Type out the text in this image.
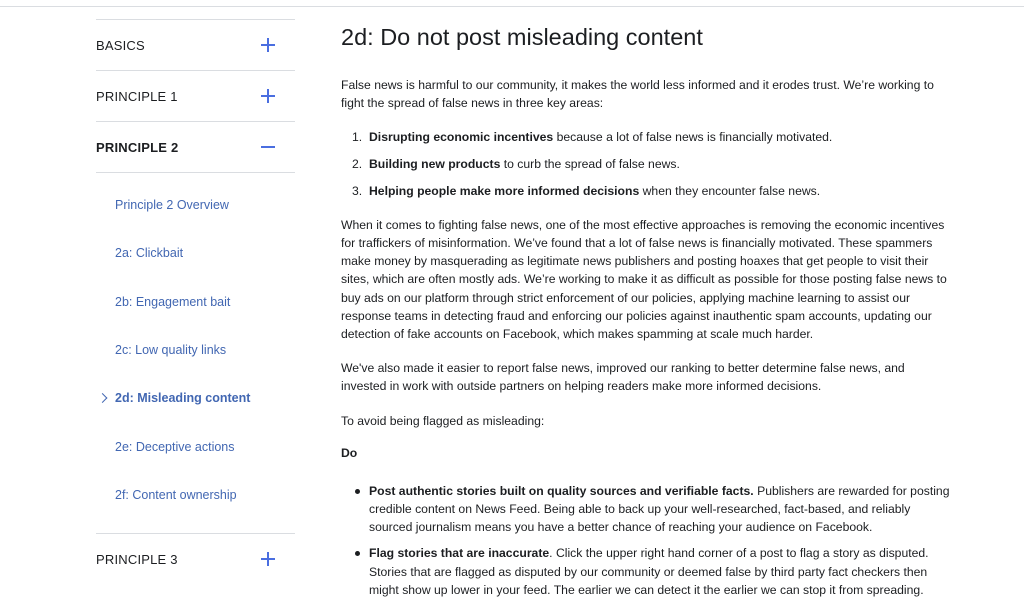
BASICS
PRINCIPLE 1
PRINCIPLE 2
Principle 2 Overview
2a: Clickbait
2b: Engagement bait
2c: Low quality links
2d: Misleading content
2e: Deceptive actions
2f: Content ownership
PRINCIPLE 3
2d: Do not post misleading content

False news is harmful to our community, it makes the world less informed and it erodes trust. We’re working to fight the spread of false news in three key areas:

1. Disrupting economic incentives because a lot of false news is financially motivated.
2. Building new products to curb the spread of false news.
3. Helping people make more informed decisions when they encounter false news.

When it comes to fighting false news, one of the most effective approaches is removing the economic incentives for traffickers of misinformation. We’ve found that a lot of false news is financially motivated. These spammers make money by masquerading as legitimate news publishers and posting hoaxes that get people to visit their sites, which are often mostly ads. We’re working to make it as difficult as possible for those posting false news to buy ads on our platform through strict enforcement of our policies, applying machine learning to assist our response teams in detecting fraud and enforcing our policies against inauthentic spam accounts, updating our detection of fake accounts on Facebook, which makes spamming at scale much harder.

We've also made it easier to report false news, improved our ranking to better determine false news, and invested in work with outside partners on helping readers make more informed decisions.

To avoid being flagged as misleading:

Do

Post authentic stories built on quality sources and verifiable facts. Publishers are rewarded for posting credible content on News Feed. Being able to back up your well-researched, fact-based, and reliably sourced journalism means you have a better chance of reaching your audience on Facebook.
Flag stories that are inaccurate. Click the upper right hand corner of a post to flag a story as disputed. Stories that are flagged as disputed by our community or deemed false by third party fact checkers then might show up lower in your feed. The earlier we can detect it the earlier we can stop it from spreading.
